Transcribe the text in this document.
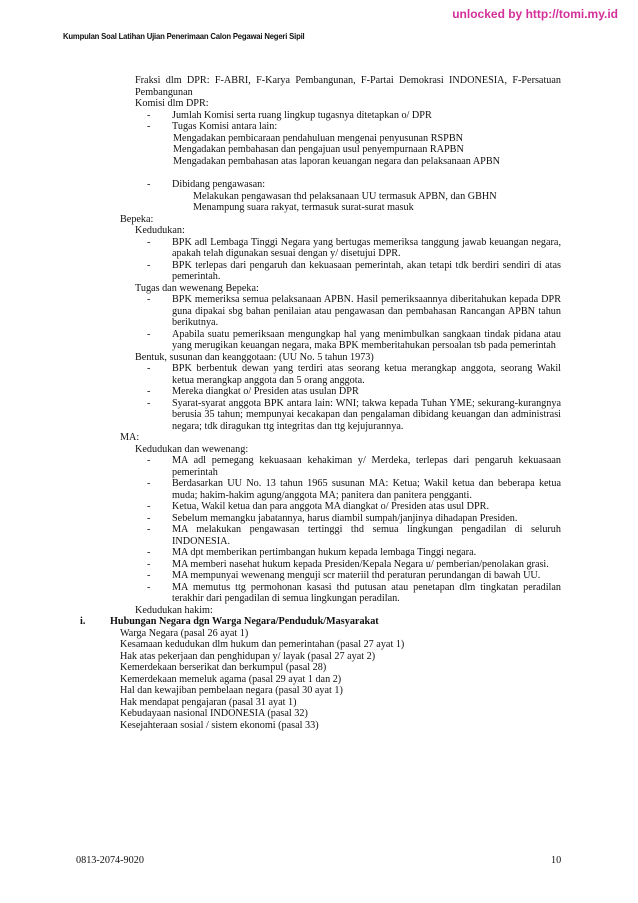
unlocked by http://tomi.my.id
Kumpulan Soal Latihan Ujian Penerimaan Calon Pegawai Negeri Sipil
Fraksi dlm DPR: F-ABRI, F-Karya Pembangunan, F-Partai Demokrasi INDONESIA, F-Persatuan Pembangunan
Komisi dlm DPR:
-	Jumlah Komisi serta ruang lingkup tugasnya ditetapkan o/ DPR
-	Tugas Komisi antara lain:
Mengadakan pembicaraan pendahuluan mengenai penyusunan RSPBN
Mengadakan pembahasan dan pengajuan usul penyempurnaan RAPBN
Mengadakan pembahasan atas laporan keuangan negara dan pelaksanaan APBN
-	Dibidang pengawasan:
Melakukan pengawasan thd pelaksanaan UU termasuk APBN, dan GBHN
Menampung suara rakyat, termasuk surat-surat masuk
Bepeka:
Kedudukan:
-	BPK adl Lembaga Tinggi Negara yang bertugas memeriksa tanggung jawab keuangan negara, apakah telah digunakan sesuai dengan y/ disetujui DPR.
-	BPK terlepas dari pengaruh dan kekuasaan pemerintah, akan tetapi tdk berdiri sendiri di atas pemerintah.
Tugas dan wewenang Bepeka:
-	BPK memeriksa semua pelaksanaan APBN. Hasil pemeriksaannya diberitahukan kepada DPR guna dipakai sbg bahan penilaian atau pengawasan dan pembahasan Rancangan APBN tahun berikutnya.
-	Apabila suatu pemeriksaan mengungkap hal yang menimbulkan sangkaan tindak pidana atau yang merugikan keuangan negara, maka BPK memberitahukan persoalan tsb pada pemerintah
Bentuk, susunan dan keanggotaan: (UU No. 5 tahun 1973)
-	BPK berbentuk dewan yang terdiri atas seorang ketua merangkap anggota, seorang Wakil ketua merangkap anggota dan 5 orang anggota.
-	Mereka diangkat o/ Presiden atas usulan DPR
-	Syarat-syarat anggota BPK antara lain: WNI; takwa kepada Tuhan YME; sekurang-kurangnya berusia 35 tahun; mempunyai kecakapan dan pengalaman dibidang keuangan dan administrasi negara; tdk diragukan ttg integritas dan ttg kejujurannya.
MA:
Kedudukan dan wewenang:
-	MA adl pemegang kekuasaan kehakiman y/ Merdeka, terlepas dari pengaruh kekuasaan pemerintah
-	Berdasarkan UU No. 13 tahun 1965 susunan MA: Ketua; Wakil ketua dan beberapa ketua muda; hakim-hakim agung/anggota MA; panitera dan panitera pengganti.
-	Ketua, Wakil ketua dan para anggota MA diangkat o/ Presiden atas usul DPR.
-	Sebelum memangku jabatannya, harus diambil sumpah/janjinya dihadapan Presiden.
-	MA melakukan pengawasan tertinggi thd semua lingkungan pengadilan di seluruh INDONESIA.
-	MA dpt memberikan pertimbangan hukum kepada lembaga Tinggi negara.
-	MA memberi nasehat hukum kepada Presiden/Kepala Negara u/ pemberian/penolakan grasi.
-	MA mempunyai wewenang menguji scr materiil thd peraturan perundangan di bawah UU.
-	MA memutus ttg permohonan kasasi thd putusan atau penetapan dlm tingkatan peradilan terakhir dari pengadilan di semua lingkungan peradilan.
Kedudukan hakim:
i.	Hubungan Negara dgn Warga Negara/Penduduk/Masyarakat
Warga Negara (pasal 26 ayat 1)
Kesamaan kedudukan dlm hukum dan pemerintahan (pasal 27 ayat 1)
Hak atas pekerjaan dan penghidupan y/ layak (pasal 27 ayat 2)
Kemerdekaan berserikat dan berkumpul (pasal 28)
Kemerdekaan memeluk agama (pasal 29 ayat 1 dan 2)
Hal dan kewajiban pembelaan negara (pasal 30 ayat 1)
Hak mendapat pengajaran (pasal 31 ayat 1)
Kebudayaan nasional INDONESIA (pasal 32)
Kesejahteraan sosial / sistem ekonomi (pasal 33)
0813-2074-9020	10
